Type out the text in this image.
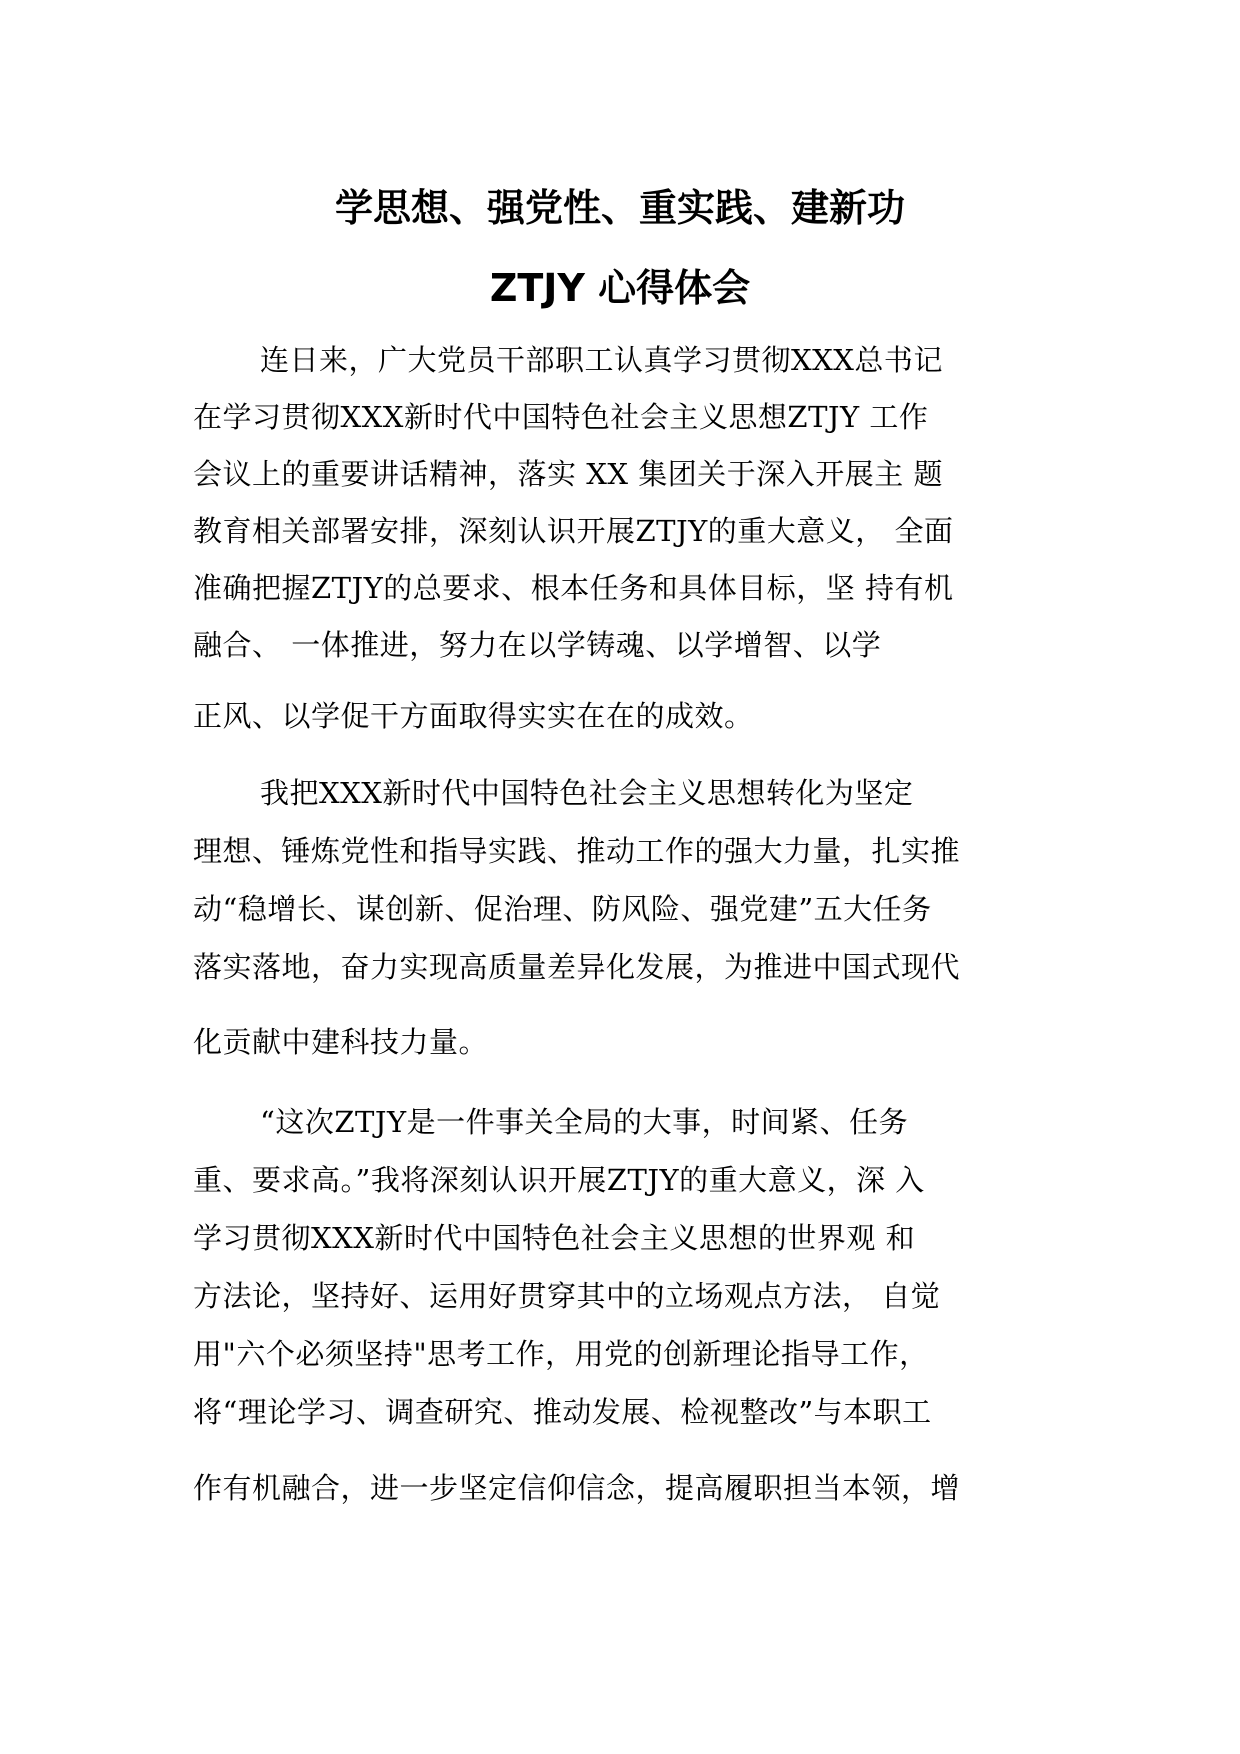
学思想、强党性、重实践、建新功
ZTJY 心得体会
连日来，广大党员干部职工认真学习贯彻XXX总书记
在学习贯彻XXX新时代中国特色社会主义思想ZTJY 工作
会议上的重要讲话精神，落实 XX 集团关于深入开展主 题
教育相关部署安排，深刻认识开展ZTJY的重大意义， 全面
准确把握ZTJY的总要求、根本任务和具体目标，坚 持有机
融合、 一体推进，努力在以学铸魂、以学增智、以学
正风、以学促干方面取得实实在在的成效。
我把XXX新时代中国特色社会主义思想转化为坚定
理想、锤炼党性和指导实践、推动工作的强大力量，扎实推
动“稳增长、谋创新、促治理、防风险、强党建”五大任务
落实落地，奋力实现高质量差异化发展，为推进中国式现代
化贡献中建科技力量。
“这次ZTJY是一件事关全局的大事，时间紧、任务
重、要求高。”我将深刻认识开展ZTJY的重大意义，深 入
学习贯彻XXX新时代中国特色社会主义思想的世界观 和
方法论，坚持好、运用好贯穿其中的立场观点方法， 自觉
用"六个必须坚持"思考工作，用党的创新理论指导工作，
将“理论学习、调查研究、推动发展、检视整改”与本职工
作有机融合，进一步坚定信仰信念，提高履职担当本领，增
